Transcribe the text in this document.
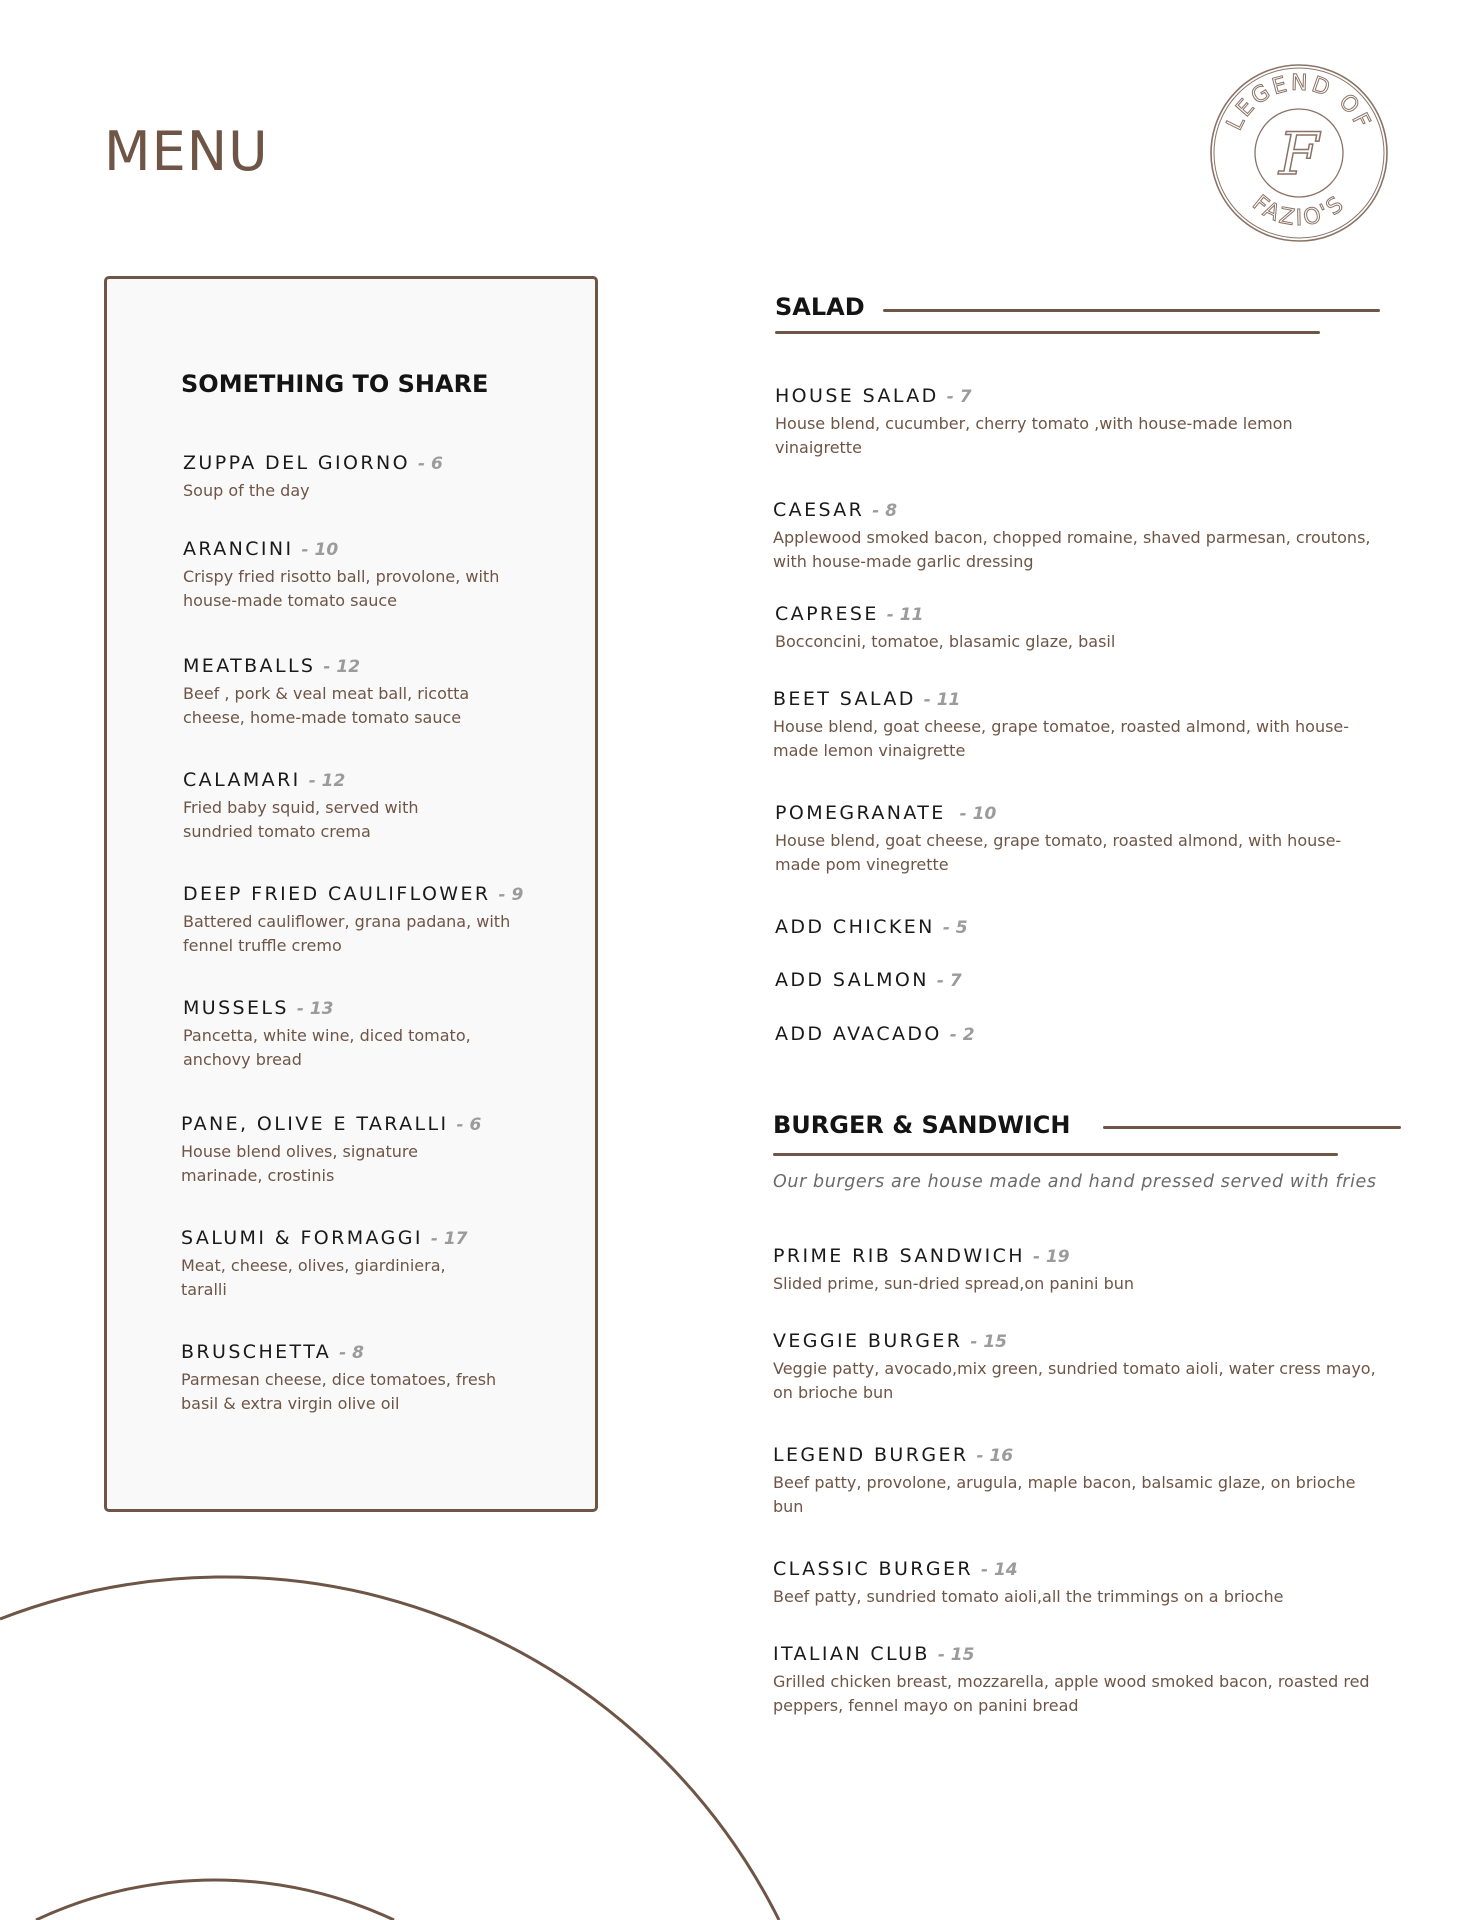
MENU	LEGEND OF
FAZIO'S
F
SOMETHING TO SHARE
ZUPPA DEL GIORNO - 6
Soup of the day
ARANCINI - 10
Crispy fried risotto ball, provolone, with house-made tomato sauce
MEATBALLS - 12
Beef , pork & veal meat ball, ricotta cheese, home-made tomato sauce
CALAMARI - 12
Fried baby squid, served with sundried tomato crema
DEEP FRIED CAULIFLOWER - 9
Battered cauliflower, grana padana, with fennel truffle cremo
MUSSELS - 13
Pancetta, white wine, diced tomato, anchovy bread
PANE, OLIVE E TARALLI - 6
House blend olives, signature marinade, crostinis
SALUMI & FORMAGGI - 17
Meat, cheese, olives, giardiniera, taralli
BRUSCHETTA - 8
Parmesan cheese, dice tomatoes, fresh basil & extra virgin olive oil
SALAD
HOUSE SALAD - 7
House blend, cucumber, cherry tomato ,with house-made lemon vinaigrette
CAESAR - 8
Applewood smoked bacon, chopped romaine, shaved parmesan, croutons, with house-made garlic dressing
CAPRESE - 11
Bocconcini, tomatoe, blasamic glaze, basil
BEET SALAD - 11
House blend, goat cheese, grape tomatoe, roasted almond, with house-made lemon vinaigrette
POMEGRANATE - 10
House blend, goat cheese, grape tomato, roasted almond, with house-made pom vinegrette
ADD CHICKEN - 5
ADD SALMON - 7
ADD AVACADO - 2
BURGER & SANDWICH
Our burgers are house made and hand pressed served with fries
PRIME RIB SANDWICH - 19
Slided prime, sun-dried spread,on panini bun
VEGGIE BURGER - 15
Veggie patty, avocado,mix green, sundried tomato aioli, water cress mayo, on brioche bun
LEGEND BURGER - 16
Beef patty, provolone, arugula, maple bacon, balsamic glaze, on brioche bun
CLASSIC BURGER - 14
Beef patty, sundried tomato aioli,all the trimmings on a brioche
ITALIAN CLUB - 15
Grilled chicken breast, mozzarella, apple wood smoked bacon, roasted red peppers, fennel mayo on panini bread
